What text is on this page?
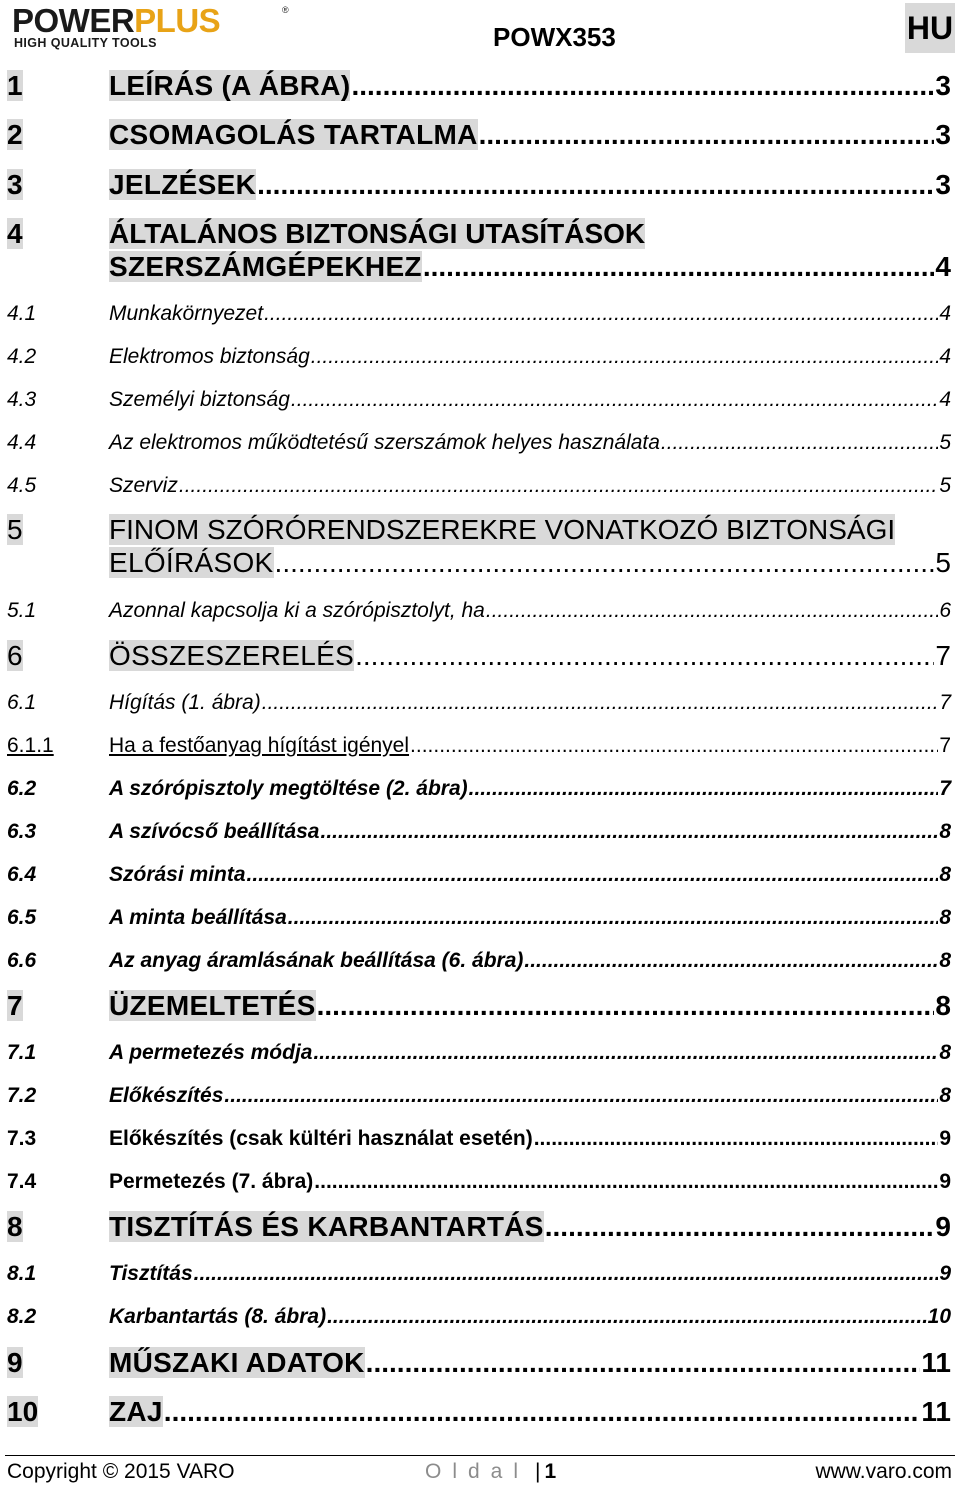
POWERPLUS	®
HIGH QUALITY TOOLS	POWX353	HU
1	LEÍRÁS (A ÁBRA) .....	3
2	CSOMAGOLÁS TARTALMA .....	3
3	JELZÉSEK .....	3
4	ÁLTALÁNOS BIZTONSÁGI UTASÍTÁSOK
SZERSZÁMGÉPEKHEZ .....	4
4.1	Munkakörnyezet .....	4
4.2	Elektromos biztonság .....	4
4.3	Személyi biztonság .....	4
4.4	Az elektromos működtetésű szerszámok helyes használata .....	5
4.5	Szerviz .....	5
5	FINOM SZÓRÓRENDSZEREKRE VONATKOZÓ BIZTONSÁGI
ELŐÍRÁSOK .....	5
5.1	Azonnal kapcsolja ki a szórópisztolyt, ha .....	6
6	ÖSSZESZERELÉS .....	7
6.1	Hígítás (1. ábra) .....	7
6.1.1	Ha a festőanyag hígítást igényel .....	7
6.2	A szórópisztoly megtöltése (2. ábra) .....	7
6.3	A szívócső beállítása .....	8
6.4	Szórási minta .....	8
6.5	A minta beállítása .....	8
6.6	Az anyag áramlásának beállítása (6. ábra) .....	8
7	ÜZEMELTETÉS .....	8
7.1	A permetezés módja .....	8
7.2	Előkészítés .....	8
7.3	Előkészítés (csak kültéri használat esetén) .....	9
7.4	Permetezés (7. ábra) .....	9
8	TISZTÍTÁS ÉS KARBANTARTÁS .....	9
8.1	Tisztítás .....	9
8.2	Karbantartás (8. ábra) .....	10
9	MŰSZAKI ADATOK .....	11
10	ZAJ .....	11
Copyright © 2015 VARO	Oldal | 1	www.varo.com
